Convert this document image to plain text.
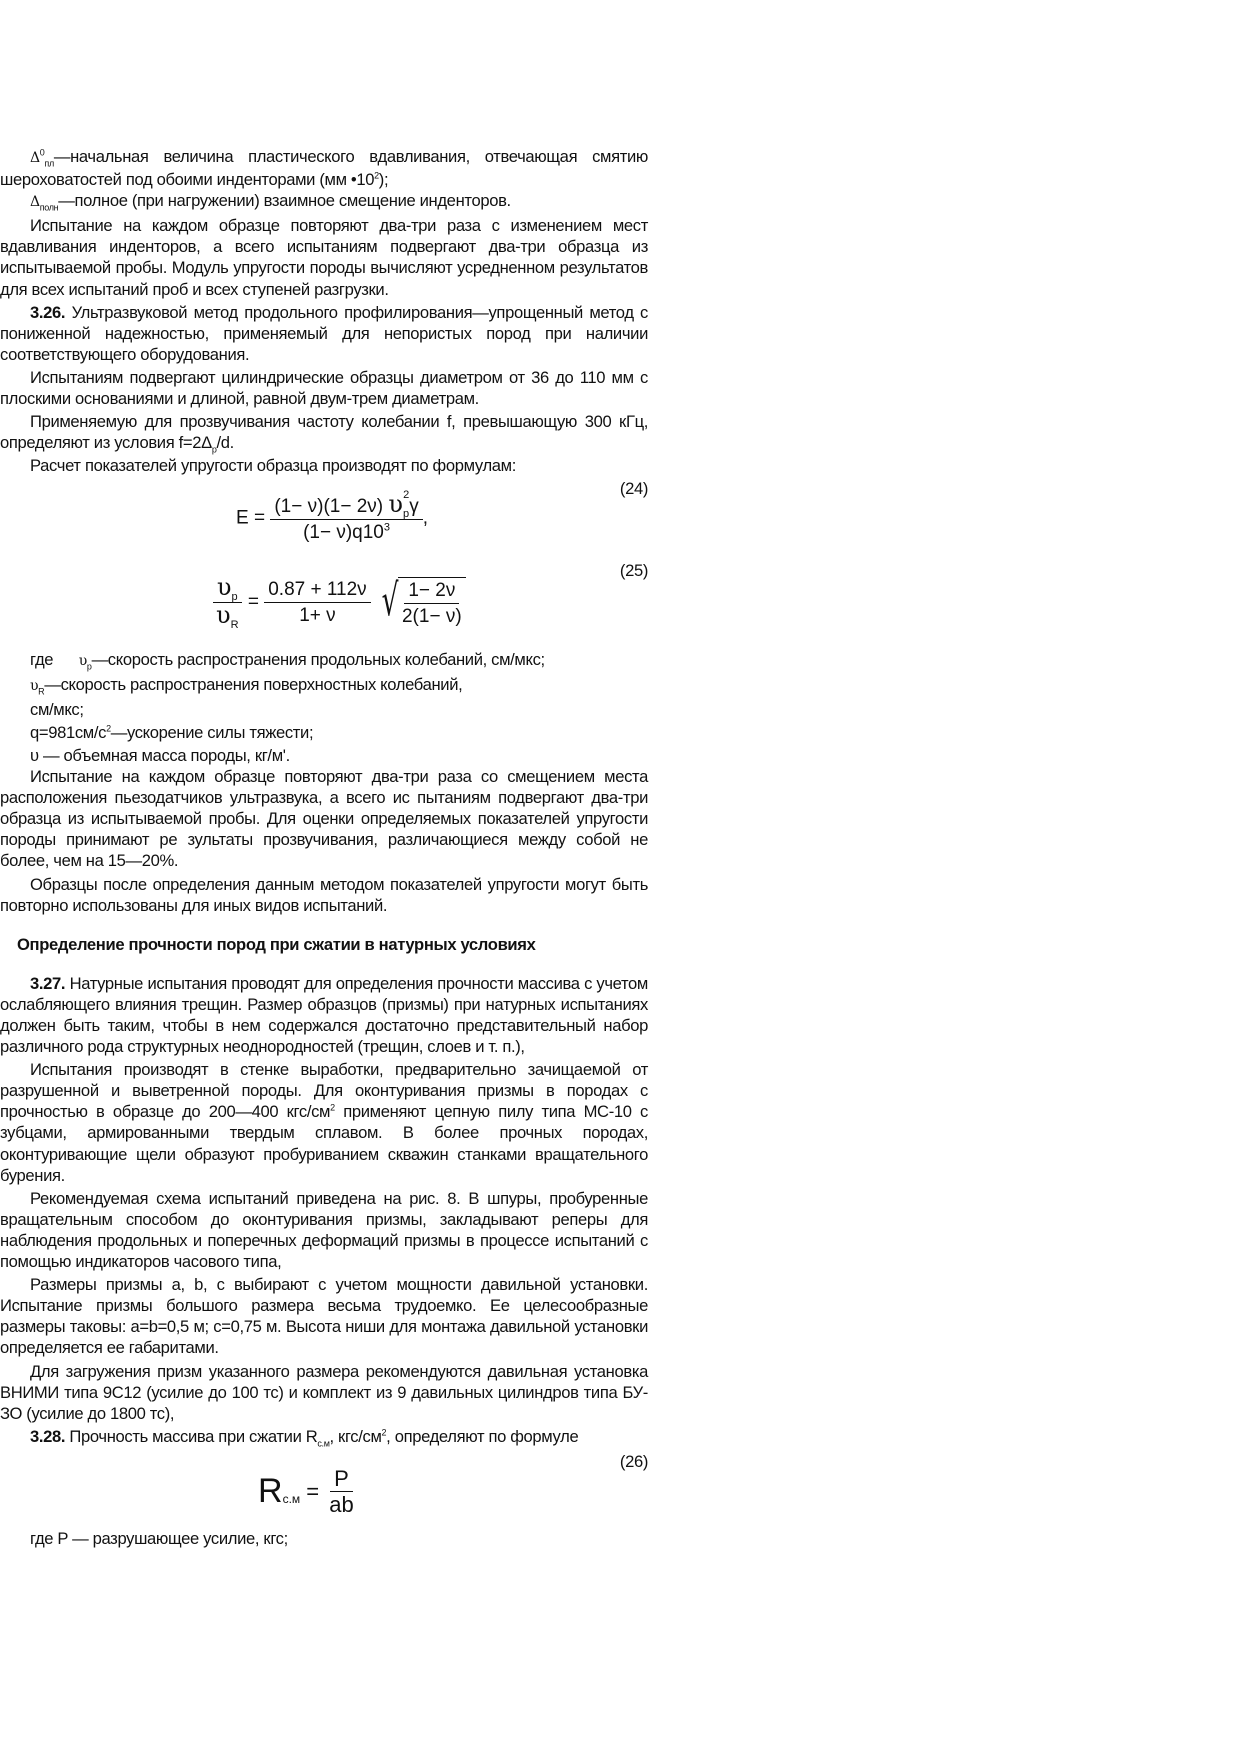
$\Delta^0_{пл}—начальная$ величина пластического вдавливания, отвечающая смятию шероховатостей под обоими инденторами (мм $•10^2$);

$\Delta_{полн}—полное$ (при нагружении) взаимное смещение инденторов.

Испытание на каждом образце повторяют два-три раза с изменением мест вдавливания инденторов, а всего испытаниям подвергают два-три образца из испытываемой пробы. Модуль упругости породы вычисляют усредненном результатов для всех испытаний проб и всех ступеней разгрузки.

3.26. Ультразвуковой метод продольного профилирования—упрощенный метод с пониженной надежностью, применяемый для непористых пород при наличии соответствующего оборудования.

Испытаниям подвергают цилиндрические образцы диаметром от 36 до 110 мм с плоскими основаниями и длиной, равной двум-трем диаметрам.

Применяемую для прозвучивания частоту колебании f, превышающую 300 кГц, определяют из условия $f=2\Delta_p/d$.

Расчет показателей упругости образца производят по формулам:

(24)

$E = \frac{(1- \nu)(1- 2\nu) \upsilon_p^2\gamma}{(1- \nu)q10^3}$ ,

(25)

$\frac{\upsilon_p}{\upsilon_R} = \frac{0.87 + 112\nu}{1+ \nu}$
√ $\frac{1- 2\nu}{2(1- \nu)}$

где      $\upsilon_p—скорость$ распространения продольных колебаний, см/мкс;

$\upsilon_R—скорость$ распространения поверхностных колебаний,

см/мкс;

$q=981см/с^2—ускорение$ силы тяжести;

υ — объемная масса породы, кг/м'.

Испытание на каждом образце повторяют два-три раза со смещением места расположения пьезодатчиков ультразвука, а всего ис пытаниям подвергают два-три образца из испытываемой пробы. Для оценки определяемых показателей упругости породы принимают ре зультаты прозвучивания, различающиеся между собой не более, чем на 15—20%.

Образцы после определения данным методом показателей упругости могут быть повторно использованы для иных видов испытаний.

Определение прочности пород при сжатии в натурных условиях

3.27. Натурные испытания проводят для определения прочности массива с учетом ослабляющего влияния трещин. Размер образцов (призмы) при натурных испытаниях должен быть таким, чтобы в нем содержался достаточно представительный набор различного рода структурных неоднородностей (трещин, слоев и т. п.),

Испытания производят в стенке выработки, предварительно зачищаемой от разрушенной и выветренной породы. Для оконтуривания призмы в породах с прочностью в образце до 200—400 кгс/$см^2$ применяют цепную пилу типа МС-10 с зубцами, армированными твердым сплавом. В более прочных породах, оконтуривающие щели образуют пробуриванием скважин станками вращательного бурения.

Рекомендуемая схема испытаний приведена на рис. 8. В шпуры, пробуренные вращательным способом до оконтуривания призмы, закладывают реперы для наблюдения продольных и поперечных деформаций призмы в процессе испытаний с помощью индикаторов часового типа,

Размеры призмы a, b, c выбирают с учетом мощности давильной установки. Испытание призмы большого размера весьма трудоемко. Ее целесообразные размеры таковы: a=b=0,5 м; c=0,75 м. Высота ниши для монтажа давильной установки определяется ее габаритами.

Для загружения призм указанного размера рекомендуются давильная установка ВНИМИ типа 9С12 (усилие до 100 тс) и комплект из 9 давильных цилиндров типа БУ-ЗО (усилие до 1800 тс),

3.28. Прочность массива при сжатии $R_{с.м}$, кгс/$см^2$, определяют по формуле

(26)

$R_{с.м} = \frac{P}{ab}$

где P — разрушающее усилие, кгс;
